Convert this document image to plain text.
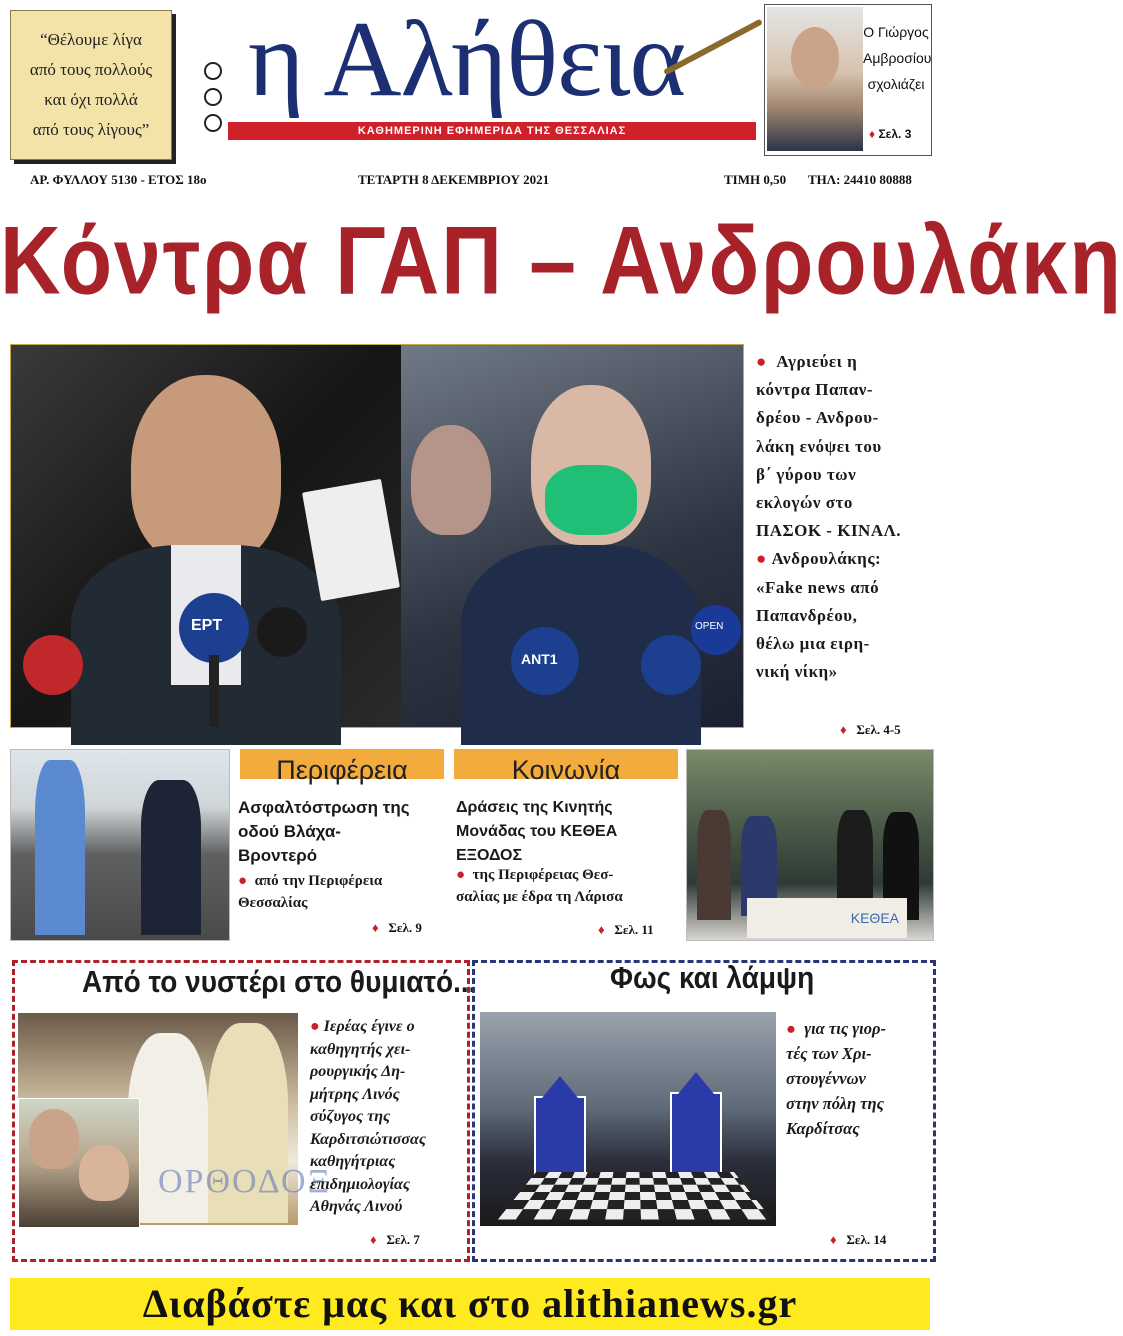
“Θέλουμε λίγα
από τους πολλούς
και όχι πολλά
από τους λίγους”
η Αλήθεια
ΚΑΘΗΜΕΡΙΝΗ ΕΦΗΜΕΡΙΔΑ ΤΗΣ ΘΕΣΣΑΛΙΑΣ
Ο Γιώργος
Αμβροσίου
σχολιάζει
♦ Σελ. 3
ΑΡ. ΦΥΛΛΟΥ 5130 - ΕΤΟΣ 18ο	ΤΕΤΑΡΤΗ 8 ΔΕΚΕΜΒΡΙΟΥ 2021	ΤΙΜΗ 0,50 ΤΗΛ: 24410 80888
Κόντρα ΓΑΠ – Ανδρουλάκη
ΕΡΤ
ΑΝΤ1
OPEN
● Αγριεύει η
κόντρα Παπαν-
δρέου - Ανδρου-
λάκη ενόψει του
β΄ γύρου των
εκλογών στο
ΠΑΣΟΚ - ΚΙΝΑΛ.
● Ανδρουλάκης:
«Fake news από
Παπανδρέου,
θέλω μια ειρη-
νική νίκη»
♦ Σελ. 4-5
Περιφέρεια
Ασφαλτόστρωση της
οδού Βλάχα-
Βροντερό
● από την Περιφέρεια
Θεσσαλίας
♦ Σελ. 9
Κοινωνία
Δράσεις της Κινητής
Μονάδας του ΚΕΘΕΑ
ΕΞΟΔΟΣ
● της Περιφέρειας Θεσ-
σαλίας με έδρα τη Λάρισα
♦ Σελ. 11
ΚΕΘΕΑ
Από το νυστέρι στο θυμιατό...
ΟΡΘΟΔΟΞ
● Ιερέας έγινε ο
καθηγητής χει-
ρουργικής Δη-
μήτρης Λινός
σύζυγος της
Καρδιτσιώτισσας
καθηγήτριας
επιδημιολογίας
Αθηνάς Λινού
♦ Σελ. 7
Φως και λάμψη
● για τις γιορ-
τές των Χρι-
στουγέννων
στην πόλη της
Καρδίτσας
♦ Σελ. 14
Διαβάστε μας και στο alithianews.gr
